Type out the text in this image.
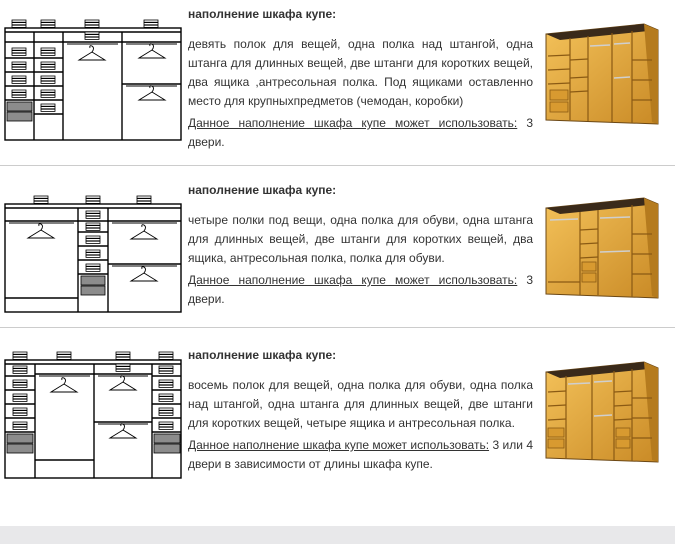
наполнение шкафа купе:
девять полок для вещей, одна полка над штангой, одна штанга для длинных вещей, две штанги для коротких вещей, два ящика ,антресольная полка. Под ящиками оставленно место для крупныхпредметов (чемодан, коробки)
Данное наполнение шкафа купе может использовать: 3 двери.
наполнение шкафа купе:
четыре полки под вещи, одна полка для обуви, одна штанга для длинных вещей, две штанги для коротких вещей, два ящика, антресольная полка, полка для обуви.
Данное наполнение шкафа купе может использовать: 3 двери.
наполнение шкафа купе:
восемь полок для вещей, одна полка для обуви, одна полка над штангой, одна штанга для длинных вещей, две штанги для коротких вещей, четыре ящика и антресольная полка.
Данное наполнение шкафа купе может использовать: 3 или 4 двери в зависимости от длины шкафа купе.
